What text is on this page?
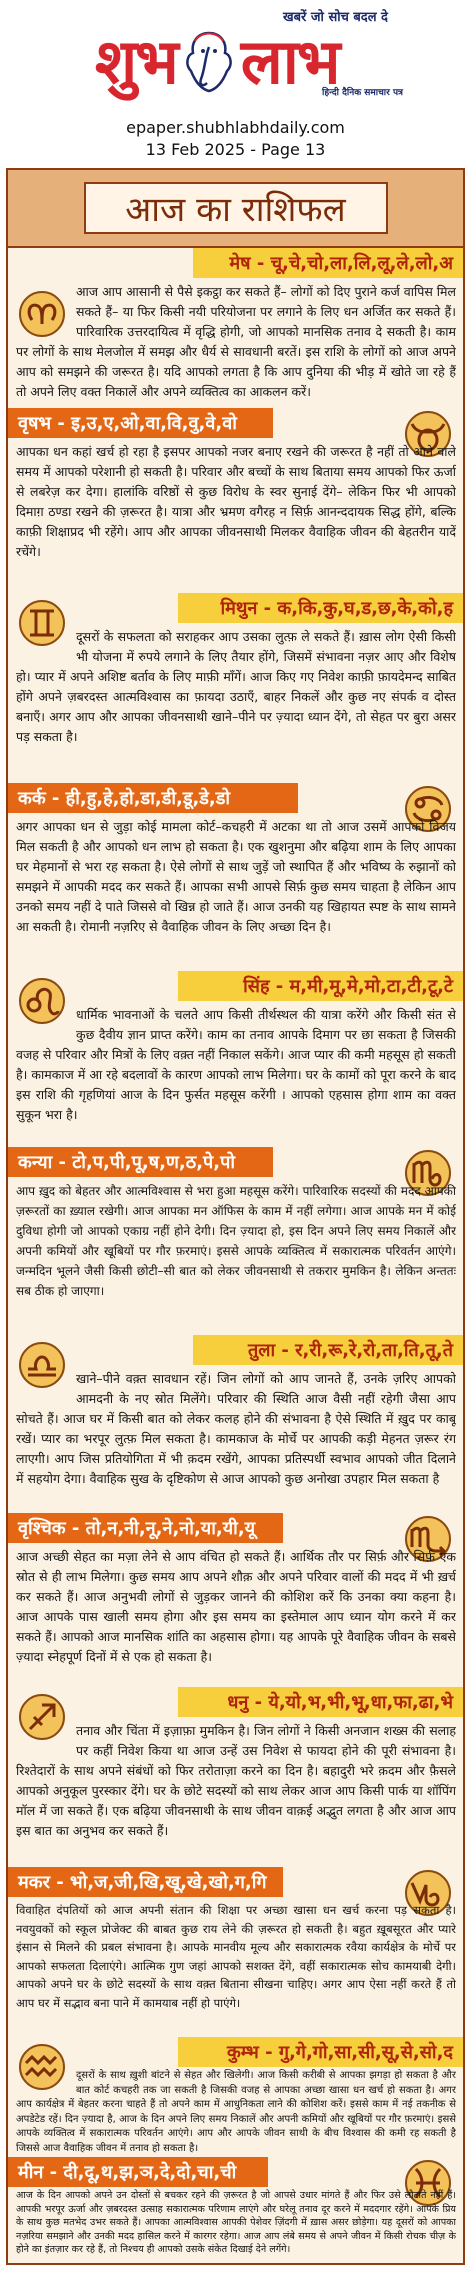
खबरें जो सोच बदल दे
शुभ लाभ
हिन्दी दैनिक समाचार पत्र
epaper.shubhlabhdaily.com
13 Feb 2025 - Page 13
आज का राशिफल
मेष - चू,चे,चो,ला,लि,लू,ले,लो,अ
आज आप आसानी से पैसे इकट्ठा कर सकते हैं– लोगों को दिए पुराने कर्ज वापिस मिल सकते हैं– या फिर किसी नयी परियोजना पर लगाने के लिए धन अर्जित कर सकते हैं। पारिवारिक उत्तरदायित्व में वृद्धि होगी, जो आपको मानसिक तनाव दे सकती है। काम पर लोगों के साथ मेलजोल में समझ और धैर्य से सावधानी बरतें। इस राशि के लोगों को आज अपने आप को समझने की जरूरत है। यदि आपको लगता है कि आप दुनिया की भीड़ में खोते जा रहे हैं तो अपने लिए वक्त निकालें और अपने व्यक्तित्व का आकलन करें।
वृषभ - इ,उ,ए,ओ,वा,वि,वु,वे,वो
आपका धन कहां खर्च हो रहा है इसपर आपको नजर बनाए रखने की जरूरत है नहीं तो आने वाले समय में आपको परेशानी हो सकती है। परिवार और बच्चों के साथ बिताया समय आपको फिर ऊर्जा से लबरेज़ कर देगा। हालांकि वरिष्ठों से कुछ विरोध के स्वर सुनाई देंगे– लेकिन फिर भी आपको दिमाग़ ठण्डा रखने की ज़रूरत है। यात्रा और भ्रमण वगैरह न सिर्फ़ आनन्ददायक सिद्ध होंगे, बल्कि काफ़ी शिक्षाप्रद भी रहेंगे। आप और आपका जीवनसाथी मिलकर वैवाहिक जीवन की बेहतरीन यादें रचेंगे।
मिथुन - क,कि,कु,घ,ड,छ,के,को,ह
दूसरों के सफलता को सराहकर आप उसका लुत्फ़ ले सकते हैं। ख़ास लोग ऐसी किसी भी योजना में रुपये लगाने के लिए तैयार होंगे, जिसमें संभावना नज़र आए और विशेष हो। प्यार में अपने अशिष्ट बर्ताव के लिए माफ़ी माँगें। आज किए गए निवेश काफ़ी फ़ायदेमन्द साबित होंगे अपने ज़बरदस्त आत्मविश्वास का फ़ायदा उठाएँ, बाहर निकलें और कुछ नए संपर्क व दोस्त बनाएँ। अगर आप और आपका जीवनसाथी खाने–पीने पर ज़्यादा ध्यान देंगे, तो सेहत पर बुरा असर पड़ सकता है।
कर्क - ही,हु,हे,हो,डा,डी,डू,डे,डो
अगर आपका धन से जुड़ा कोई मामला कोर्ट–कचहरी में अटका था तो आज उसमें आपको विजय मिल सकती है और आपको धन लाभ हो सकता है। एक खुशनुमा और बढ़िया शाम के लिए आपका घर मेहमानों से भरा रह सकता है। ऐसे लोगों से साथ जुड़ें जो स्थापित हैं और भविष्य के रुझानों को समझने में आपकी मदद कर सकते हैं। आपका सभी आपसे सिर्फ़ कुछ समय चाहता है लेकिन आप उनको समय नहीं दे पाते जिससे वो खिन्न हो जाते हैं। आज उनकी यह खिहायत स्पष्ट के साथ सामने आ सकती है। रोमानी नज़रिए से वैवाहिक जीवन के लिए अच्छा दिन है।
सिंह - म,मी,मू,मे,मो,टा,टी,टू,टे
धार्मिक भावनाओं के चलते आप किसी तीर्थस्थल की यात्रा करेंगे और किसी संत से कुछ दैवीय ज्ञान प्राप्त करेंगे। काम का तनाव आपके दिमाग पर छा सकता है जिसकी वजह से परिवार और मित्रों के लिए वक़्त नहीं निकाल सकेंगे। आज प्यार की कमी महसूस हो सकती है। कामकाज में आ रहे बदलावों के कारण आपको लाभ मिलेगा। घर के कामों को पूरा करने के बाद इस राशि की गृहणियां आज के दिन फुर्सत महसूस करेंगी । आपको एहसास होगा शाम का वक्त सुकून भरा है।
कन्या - टो,प,पी,पू,ष,ण,ठ,पे,पो
आप ख़ुद को बेहतर और आत्मविश्वास से भरा हुआ महसूस करेंगे। पारिवारिक सदस्यों की मदद आपकी ज़रूरतों का ख़्याल रखेगी। आज आपका मन ऑफिस के काम में नहीं लगेगा। आज आपके मन में कोई दुविधा होगी जो आपको एकाग्र नहीं होने देगी। दिन ज़्यादा हो, इस दिन अपने लिए समय निकालें और अपनी कमियों और खूबियों पर गौर फ़रमाएं। इससे आपके व्यक्तित्व में सकारात्मक परिवर्तन आएंगे। जन्मदिन भूलने जैसी किसी छोटी–सी बात को लेकर जीवनसाथी से तकरार मुमकिन है। लेकिन अन्ततः सब ठीक हो जाएगा।
तुला - र,री,रू,रे,रो,ता,ति,तू,ते
खाने–पीने वक़्त सावधान रहें। जिन लोगों को आप जानते हैं, उनके ज़रिए आपको आमदनी के नए स्रोत मिलेंगे। परिवार की स्थिति आज वैसी नहीं रहेगी जैसा आप सोचते हैं। आज घर में किसी बात को लेकर कलह होने की संभावना है ऐसे स्थिति में ख़ुद पर काबू रखें। प्यार का भरपूर लुत्फ़ मिल सकता है। कामकाज के मोर्चे पर आपकी कड़ी मेहनत ज़रूर रंग लाएगी। आप जिस प्रतियोगिता में भी क़दम रखेंगे, आपका प्रतिस्पर्धी स्वभाव आपको जीत दिलाने में सहयोग देगा। वैवाहिक सुख के दृष्टिकोण से आज आपको कुछ अनोखा उपहार मिल सकता है
वृश्चिक - तो,न,नी,नू,ने,नो,या,यी,यू
आज अच्छी सेहत का मज़ा लेने से आप वंचित हो सकते हैं। आर्थिक तौर पर सिर्फ़ और सिर्फ़ एक स्रोत से ही लाभ मिलेगा। कुछ समय आप अपने शौक़ और अपने परिवार वालों की मदद में भी ख़र्च कर सकते हैं। आज अनुभवी लोगों से जुड़कर जानने की कोशिश करें कि उनका क्या कहना है। आज आपके पास खाली समय होगा और इस समय का इस्तेमाल आप ध्यान योग करने में कर सकते हैं। आपको आज मानसिक शांति का अहसास होगा। यह आपके पूरे वैवाहिक जीवन के सबसे ज़्यादा स्नेहपूर्ण दिनों में से एक हो सकता है।
धनु - ये,यो,भ,भी,भू,धा,फा,ढा,भे
तनाव और चिंता में इज़ाफ़ा मुमकिन है। जिन लोगों ने किसी अनजान शख्स की सलाह पर कहीं निवेश किया था आज उन्हें उस निवेश से फायदा होने की पूरी संभावना है। रिश्तेदारों के साथ अपने संबंधों को फिर तरोताज़ा करने का दिन है। बहादुरी भरे क़दम और फ़ैसले आपको अनुकूल पुरस्कार देंगे। घर के छोटे सदस्यों को साथ लेकर आज आप किसी पार्क या शॉपिंग मॉल में जा सकते हैं। एक बढ़िया जीवनसाथी के साथ जीवन वाक़ई अद्भुत लगता है और आज आप इस बात का अनुभव कर सकते हैं।
मकर - भो,ज,जी,खि,खू,खे,खो,ग,गि
विवाहित दंपतियों को आज अपनी संतान की शिक्षा पर अच्छा खासा धन खर्च करना पड़ सकता है। नवयुवकों को स्कूल प्रोजेक्ट की बाबत कुछ राय लेने की ज़रूरत हो सकती है। बहुत ख़ूबसूरत और प्यारे इंसान से मिलने की प्रबल संभावना है। आपके मानवीय मूल्य और सकारात्मक रवैया कार्यक्षेत्र के मोर्चे पर आपको सफलता दिलाएंगे। आत्मिक गुण जहां आपको सशक्त देंगे, वहीं सकारात्मक सोच कामयाबी देगी। आपको अपने घर के छोटे सदस्यों के साथ वक़्त बिताना सीखना चाहिए। अगर आप ऐसा नहीं करते हैं तो आप घर में सद्भाव बना पाने में कामयाब नहीं हो पाएंगे।
कुम्भ - गु,गे,गो,सा,सी,सू,से,सो,द
दूसरों के साथ ख़ुशी बांटने से सेहत और खिलेगी। आज किसी करीबी से आपका झगड़ा हो सकता है और बात कोर्ट कचहरी तक जा सकती है जिसकी वजह से आपका अच्छा खासा धन खर्च हो सकता है। अगर आप कार्यक्षेत्र में बेहतर करना चाहते हैं तो अपने काम में आधुनिकता लाने की कोशिश करें। इससे काम में नई तकनीक से अपडेटेड रहें। दिन ज़्यादा है, आज के दिन अपने लिए समय निकालें और अपनी कमियों और खूबियों पर गौर फ़रमाएं। इससे आपके व्यक्तित्व में सकारात्मक परिवर्तन आएंगे। आप और आपके जीवन साथी के बीच विश्वास की कमी रह सकती है जिससे आज वैवाहिक जीवन में तनाव हो सकता है।
मीन - दी,दू,थ,झ,ञ,दे,दो,चा,ची
आज के दिन आपको अपने उन दोस्तों से बचकर रहने की ज़रूरत है जो आपसे उधार मांगते हैं और फिर उसे लौटाते नहीं हैं। आपकी भरपूर ऊर्जा और ज़बरदस्त उत्साह सकारात्मक परिणाम लाएंगे और घरेलू तनाव दूर करने में मददगार रहेंगे। आपके प्रिय के साथ कुछ मतभेद उभर सकते हैं। आपका आत्मविश्वास आपकी पेशेवर ज़िंदगी में ख़ास असर छोड़ेगा। यह दूसरों को आपका नज़रिया समझाने और उनकी मदद हासिल करने में कारगर रहेगा। आज आप लंबे समय से अपने जीवन में किसी रोचक चीज़ के होने का इंतज़ार कर रहे हैं, तो निश्चय ही आपको उसके संकेत दिखाई देने लगेंगे।
